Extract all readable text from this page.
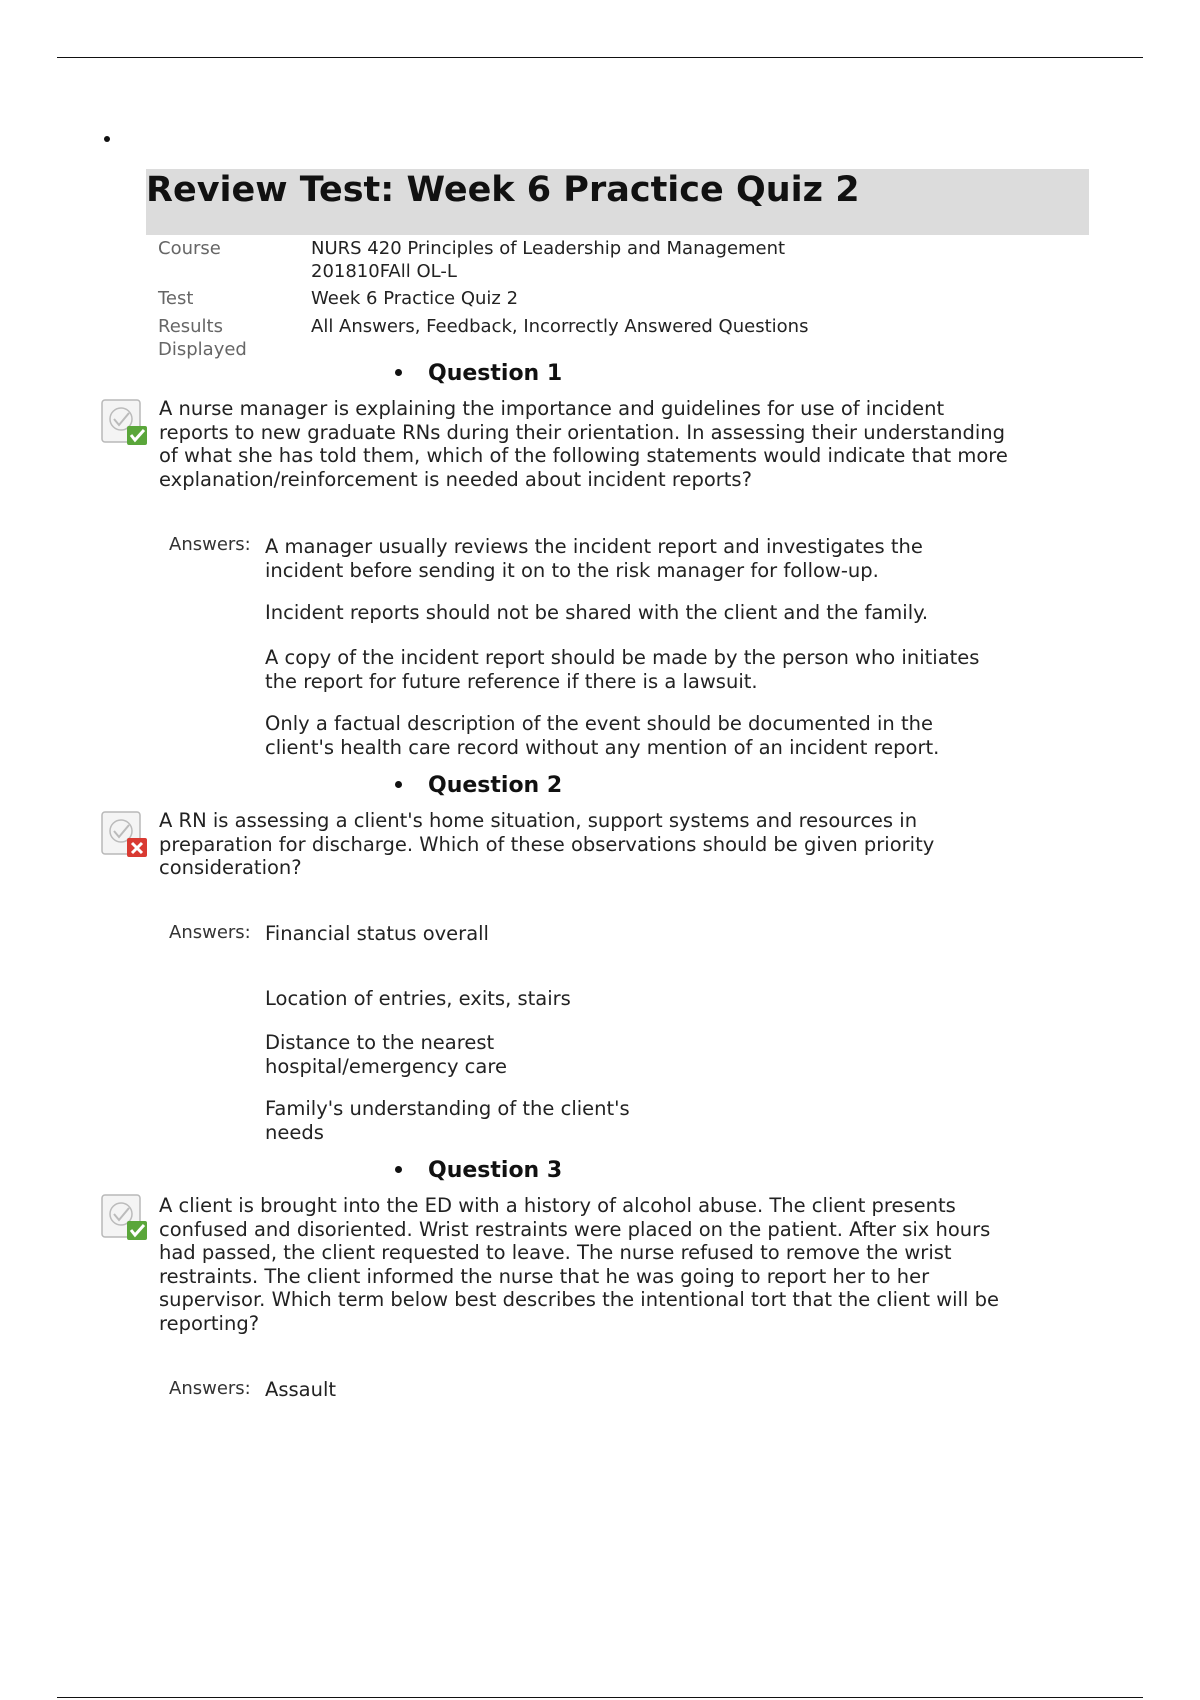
Review Test: Week 6 Practice Quiz 2
Course	NURS 420 Principles of Leadership and Management 201810FAll OL-L
Test	Week 6 Practice Quiz 2
Results Displayed
All Answers, Feedback, Incorrectly Answered Questions
Question 1
A nurse manager is explaining the importance and guidelines for use of incident reports to new graduate RNs during their orientation. In assessing their understanding of what she has told them, which of the following statements would indicate that more explanation/reinforcement is needed about incident reports?
Answers: A manager usually reviews the incident report and investigates the incident before sending it on to the risk manager for follow-up.
Incident reports should not be shared with the client and the family.
A copy of the incident report should be made by the person who initiates the report for future reference if there is a lawsuit.
Only a factual description of the event should be documented in the client's health care record without any mention of an incident report.
Question 2
A RN is assessing a client's home situation, support systems and resources in preparation for discharge. Which of these observations should be given priority consideration?
Answers: Financial status overall
Location of entries, exits, stairs
Distance to the nearest hospital/emergency care
Family's understanding of the client's needs
Question 3
A client is brought into the ED with a history of alcohol abuse. The client presents confused and disoriented. Wrist restraints were placed on the patient. After six hours had passed, the client requested to leave. The nurse refused to remove the wrist restraints. The client informed the nurse that he was going to report her to her supervisor. Which term below best describes the intentional tort that the client will be reporting?
Answers: Assault
